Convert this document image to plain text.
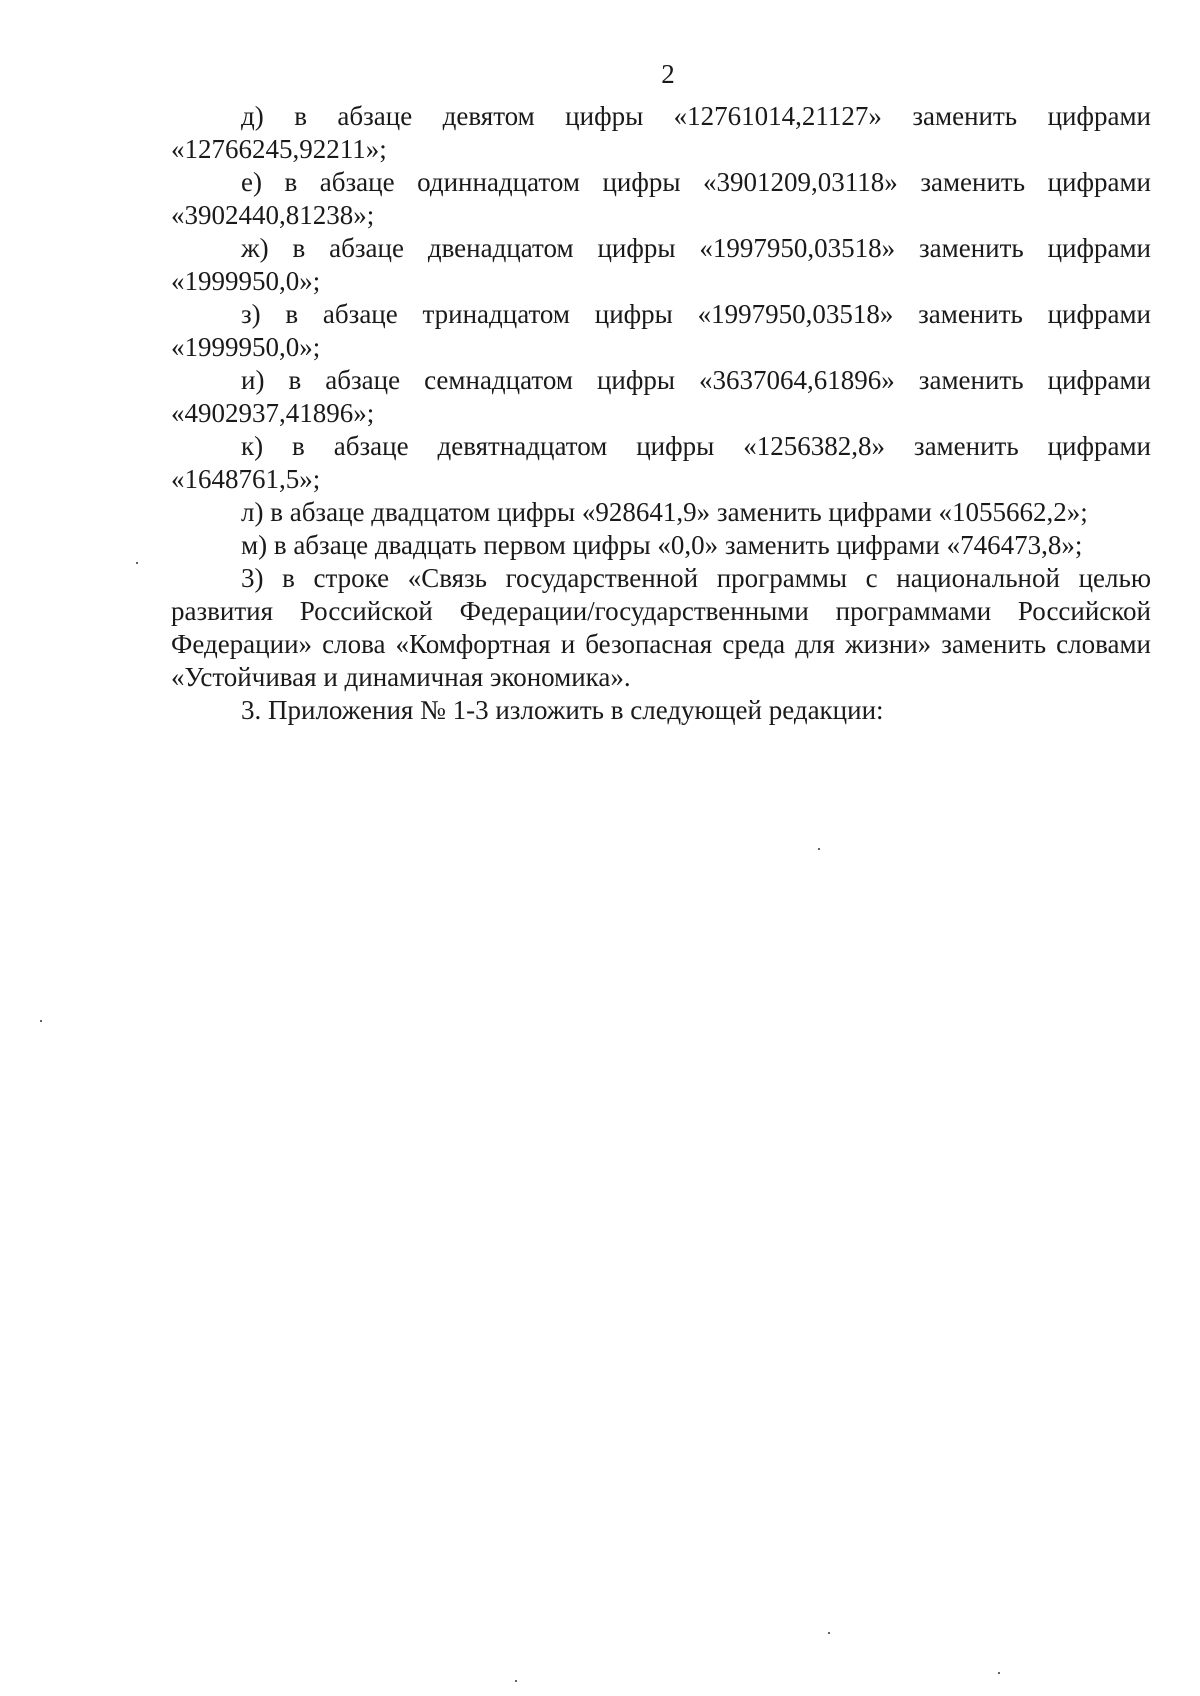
2

д) в абзаце девятом цифры «12761014,21127» заменить цифрами «12766245,92211»;

е) в абзаце одиннадцатом цифры «3901209,03118» заменить цифрами «3902440,81238»;

ж) в абзаце двенадцатом цифры «1997950,03518» заменить цифрами «1999950,0»;

з) в абзаце тринадцатом цифры «1997950,03518» заменить цифрами «1999950,0»;

и) в абзаце семнадцатом цифры «3637064,61896» заменить цифрами «4902937,41896»;

к) в абзаце девятнадцатом цифры «1256382,8» заменить цифрами «1648761,5»;

л) в абзаце двадцатом цифры «928641,9» заменить цифрами «1055662,2»;

м) в абзаце двадцать первом цифры «0,0» заменить цифрами «746473,8»;

3) в строке «Связь государственной программы с национальной целью развития Российской Федерации/государственными программами Российской Федерации» слова «Комфортная и безопасная среда для жизни» заменить словами «Устойчивая и динамичная экономика».

3. Приложения № 1-3 изложить в следующей редакции:
